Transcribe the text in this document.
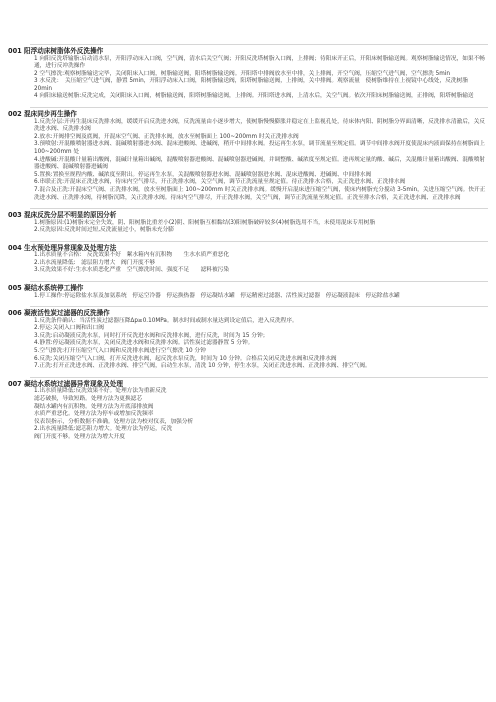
001 阳浮动床树脂体外反洗操作
1 向阳反洗塔输脂:启动清水泵，开阳浮动床入口阀，空气阀，清水后关空气阀；开阳反洗塔树脂入口阀，上排阀；待阳床开正后，开阳床树脂输送阀。观察树脂输送情况，如果不畅通，进行反冲洗操作
2 空气擦洗:观察树脂输送完毕，关闭阳床入口阀，树脂输送阀，阳塔树脂输送阀。开阳塔中排阀放水至中排，关上排阀，开空气阀，压缩空气进气阀，空气擦洗 5min
3 水反洗：　关压缩空气进气阀，静置 5min，开阳浮动床入口阀，阳树脂输送阀，阳塔树脂输送阀，上排阀，关中排阀。观察流量　使树脂维持在上视镜中心线处，反洗树脂 20min
4 向阳床输送树脂:反洗完成，关闭阳床入口阀，树脂输送阀，阳塔树脂输送阀，上排阀。开阳塔进水阀，上清水后，关空气阀。依次开阳床树脂输送阀，正排阀，阳塔树脂输送
002 混床同步再生操作
1.反洗分层:开再生混床反洗排水阀，缓缓开启反洗进水阀，反洗流量由小逐步增大，使树脂慢慢膨胀并稳定在上监视孔处，待床体内阳、阴树脂分界面清晰，反洗排水清澈后，关反洗进水阀、反洗排水阀
2.放水:开阀排空阀及底阀，开混床空气阀、正洗排水阀，放水至树脂面上 100~200mm 时关正洗排水阀
3.预喷射:开混酸喷射器进水阀、混碱喷射器进水阀、混床进酸阀、进碱阀，稍开中间排水阀。投运再生水泵，调节流量至规定值。调节中间排水阀开度使混床内液面保持在树脂面上 100~200mm 处
4.进酸碱:开混酸计量箱出酸阀，混碱计量箱出碱阀，混酸喷射器进酸阀、混碱喷射器进碱阀，并调整酸、碱浓度至规定值。进再规定量的酸、碱后，关混酸计量箱出酸阀、混酸喷射器进酸阀、混碱喷射器进碱阀
5.置换:置换至规程内酸、碱浓度至附出。停运再生水泵，关混酸喷射器进水阀、混碱喷射器进水阀、混床进酸阀、进碱阀、中间排水阀
6.串联正洗:开混床正洗进水阀，待床内空气排尽，开正洗排水阀，关空气阀，调节正洗流量至规定值。待正洗排水合格，关正洗进水阀、正洗排水阀
7.混合及正洗:开混床空气阀、正洗排水阀，放水至树脂面上 100~200mm 时关正洗排水阀。缓慢开启混床进压缩空气阀，使床内树脂充分搅动 3-5min，关进压缩空气阀。快开正洗进水阀、正洗排水阀，待树脂沉降，关正洗排水阀。待床内空气排尽，开正洗排水阀，关空气阀，调节正洗流量至规定值。正洗至排水合格，关正洗进水阀、正洗排水阀
003 混床反洗分层不明显的原因分析
1.树脂原因:(1)树脂未完全失效，阴、阳树脂比重差小(2)阴、阳树脂互相黏结(3)阳树脂破碎较多(4)树脂选用不当，未使用混床专用树脂
2.反洗原因:反洗时间过短,反洗流量过小，树脂未充分膨
004 生水预处理异常现象及处理方法
1.出水质量不合格:　反洗效果不好　絮水箱内有沉积物　　生水水质严重恶化
2.出水流量降低:　滤层阻力增大　阀门开度不够
3.反洗效果不好:生水水质恶化严重　空气擦洗时间、强度不足　　滤料被污染
005 凝结水系统停工操作
1.停工操作:停运除盐水泵及加氨系统　停运空冷器　停运换热器　停运凝结水罐　停运精密过滤器、活性炭过滤器　停运凝液混床　停运除盐水罐
006 凝液活性炭过滤器的反洗操作
1.反洗条件确认：当活性炭过滤器压降Δp≥0.10MPa。制水时间或制水量达到设定值后，进入反洗程序。
2.停运:关闭入口阀和出口阀
3.反洗:启动凝液反洗水泵，同时打开反洗进水阀和反洗排水阀，进行反洗，时间为 15 分钟；
4.静置:停运凝液反洗水泵，关闭反洗进水阀和反洗排水阀。活性炭过滤器静置 5 分钟。
5.空气擦洗:打开压缩空气入口阀和反洗排水阀进行空气擦洗 10 分钟
6.反洗:关闭压缩空气入口阀，打开反洗进水阀，起反洗水泵反洗，时间为 10 分钟。合格后关闭反洗进水阀和反洗排水阀
7.正洗:打开正洗进水阀、正洗排水阀、排空气阀，启动生水泵，清洗 10 分钟，停生水泵，关闭正洗进水阀、正洗排水阀、排空气阀。
007 凝结水系统过滤器异常现象及处理
1.出水质量降低:反洗效果不好。处理方法为重新反洗
滤芯破损，导致短路。处理方法为更换滤芯
凝结水罐内有沉积物。处理方法为开底部排放阀
水质严重恶化。处理方法为停车或增加反洗频率
仪表误指示，分析数据不准确。处理方法为校对仪表，加强分析
2.出水流量降低:滤芯阻力增大。处理方法为停运，反洗
阀门开度不够。处理方法为增大开度
